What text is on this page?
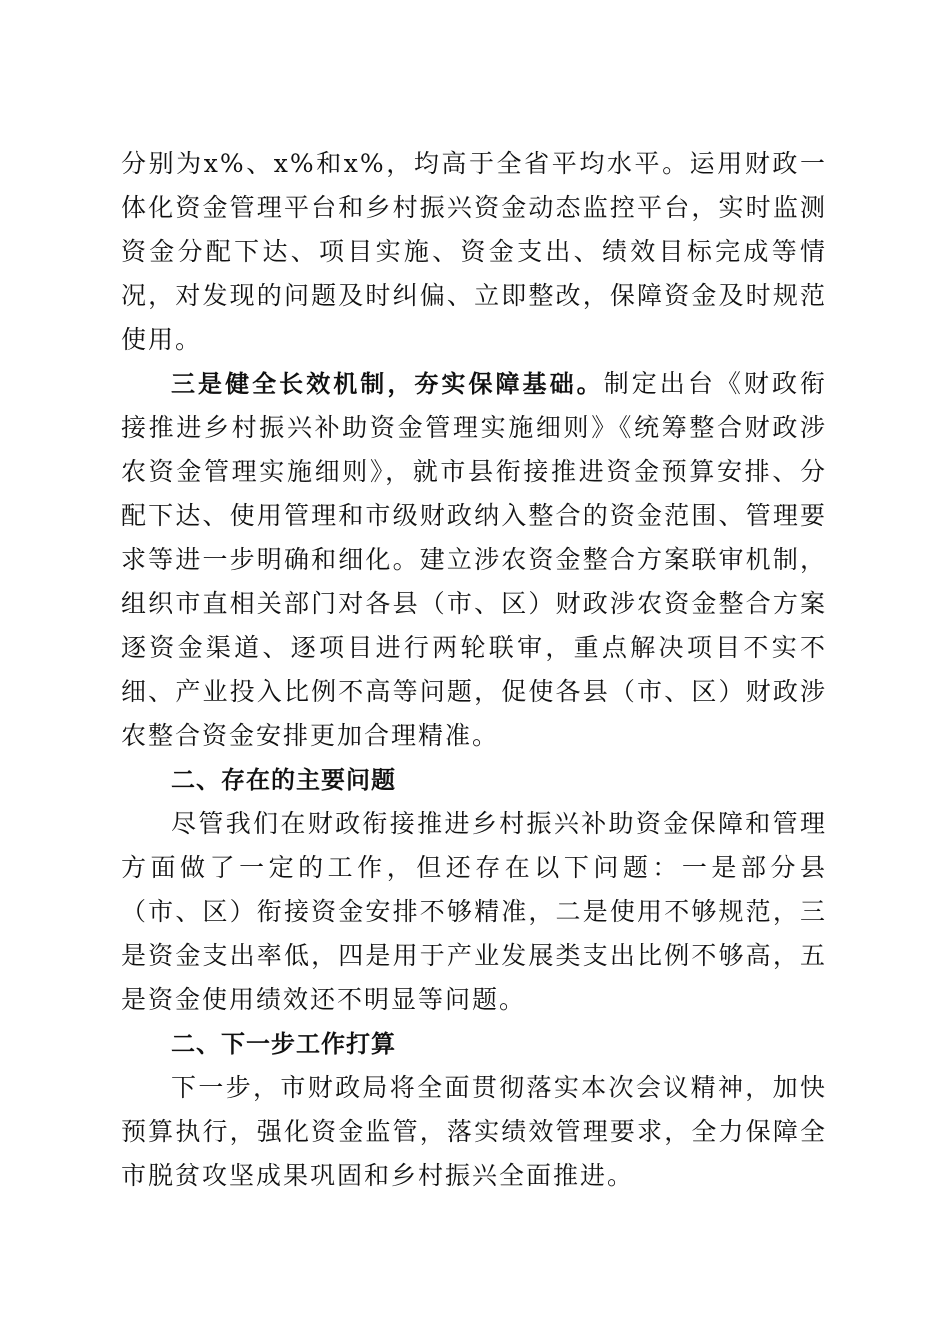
分别为x%、x%和x%，均高于全省平均水平。运用财政一体化资金管理平台和乡村振兴资金动态监控平台，实时监测资金分配下达、项目实施、资金支出、绩效目标完成等情况，对发现的问题及时纠偏、立即整改，保障资金及时规范使用。

三是健全长效机制，夯实保障基础。制定出台《财政衔接推进乡村振兴补助资金管理实施细则》《统筹整合财政涉农资金管理实施细则》，就市县衔接推进资金预算安排、分配下达、使用管理和市级财政纳入整合的资金范围、管理要求等进一步明确和细化。建立涉农资金整合方案联审机制，组织市直相关部门对各县（市、区）财政涉农资金整合方案逐资金渠道、逐项目进行两轮联审，重点解决项目不实不细、产业投入比例不高等问题，促使各县（市、区）财政涉农整合资金安排更加合理精准。

二、存在的主要问题

尽管我们在财政衔接推进乡村振兴补助资金保障和管理方面做了一定的工作，但还存在以下问题：一是部分县（市、区）衔接资金安排不够精准，二是使用不够规范，三是资金支出率低，四是用于产业发展类支出比例不够高，五是资金使用绩效还不明显等问题。

二、下一步工作打算

下一步，市财政局将全面贯彻落实本次会议精神，加快预算执行，强化资金监管，落实绩效管理要求，全力保障全市脱贫攻坚成果巩固和乡村振兴全面推进。
